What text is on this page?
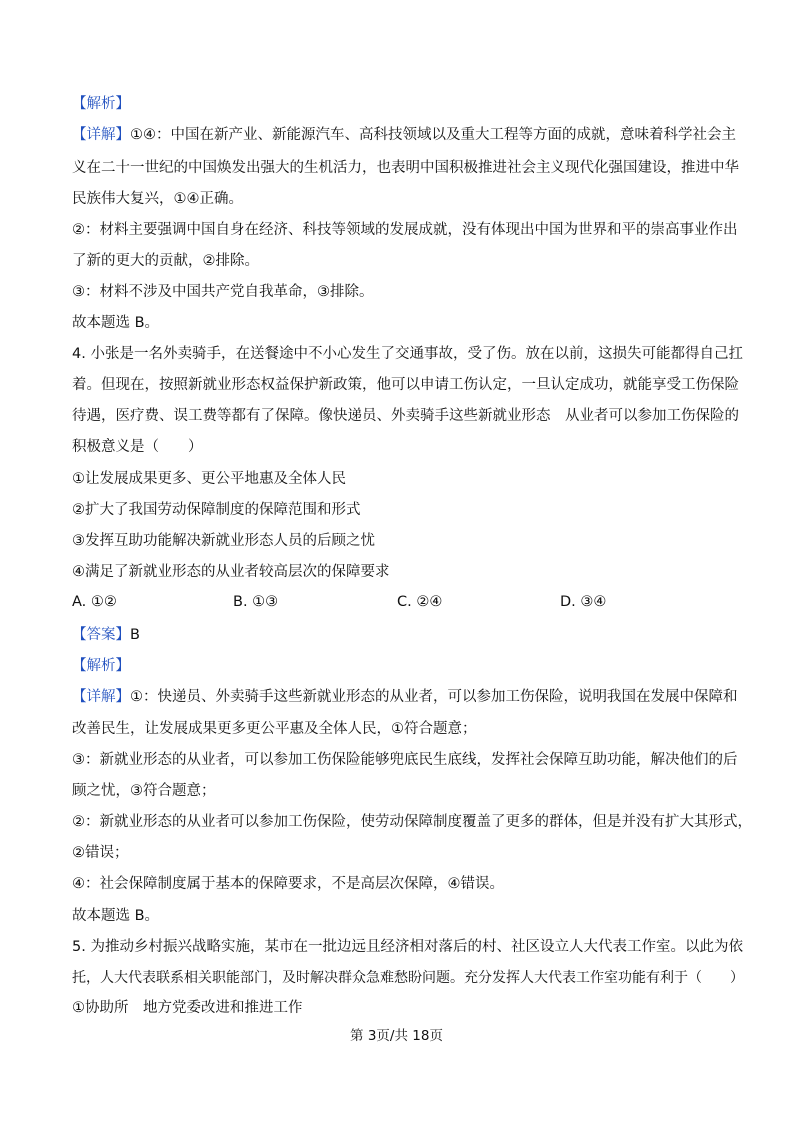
【解析】
【详解】①④：中国在新产业、新能源汽车、高科技领域以及重大工程等方面的成就，意味着科学社会主
义在二十一世纪的中国焕发出强大的生机活力，也表明中国积极推进社会主义现代化强国建设，推进中华
民族伟大复兴，①④正确。
②：材料主要强调中国自身在经济、科技等领域的发展成就，没有体现出中国为世界和平的崇高事业作出
了新的更大的贡献，②排除。
③：材料不涉及中国共产党自我革命，③排除。
故本题选 B。
4. 小张是一名外卖骑手，在送餐途中不小心发生了交通事故，受了伤。放在以前，这损失可能都得自己扛
着。但现在，按照新就业形态权益保护新政策，他可以申请工伤认定，一旦认定成功，就能享受工伤保险
待遇，医疗费、误工费等都有了保障。像快递员、外卖骑手这些新就业形态　从业者可以参加工伤保险的
积极意义是（　　）
①让发展成果更多、更公平地惠及全体人民
②扩大了我国劳动保障制度的保障范围和形式
③发挥互助功能解决新就业形态人员的后顾之忧
④满足了新就业形态的从业者较高层次的保障要求
A. ①②	B. ①③	C. ②④	D. ③④
【答案】B
【解析】
【详解】①：快递员、外卖骑手这些新就业形态的从业者，可以参加工伤保险，说明我国在发展中保障和
改善民生，让发展成果更多更公平惠及全体人民，①符合题意；
③：新就业形态的从业者，可以参加工伤保险能够兜底民生底线，发挥社会保障互助功能，解决他们的后
顾之忧，③符合题意；
②：新就业形态的从业者可以参加工伤保险，使劳动保障制度覆盖了更多的群体，但是并没有扩大其形式，
②错误；
④：社会保障制度属于基本的保障要求，不是高层次保障，④错误。
故本题选 B。
5. 为推动乡村振兴战略实施，某市在一批边远且经济相对落后的村、社区设立人大代表工作室。以此为依
托，人大代表联系相关职能部门，及时解决群众急难愁盼问题。充分发挥人大代表工作室功能有利于（　　）
①协助所　地方党委改进和推进工作
第 3页/共 18页
